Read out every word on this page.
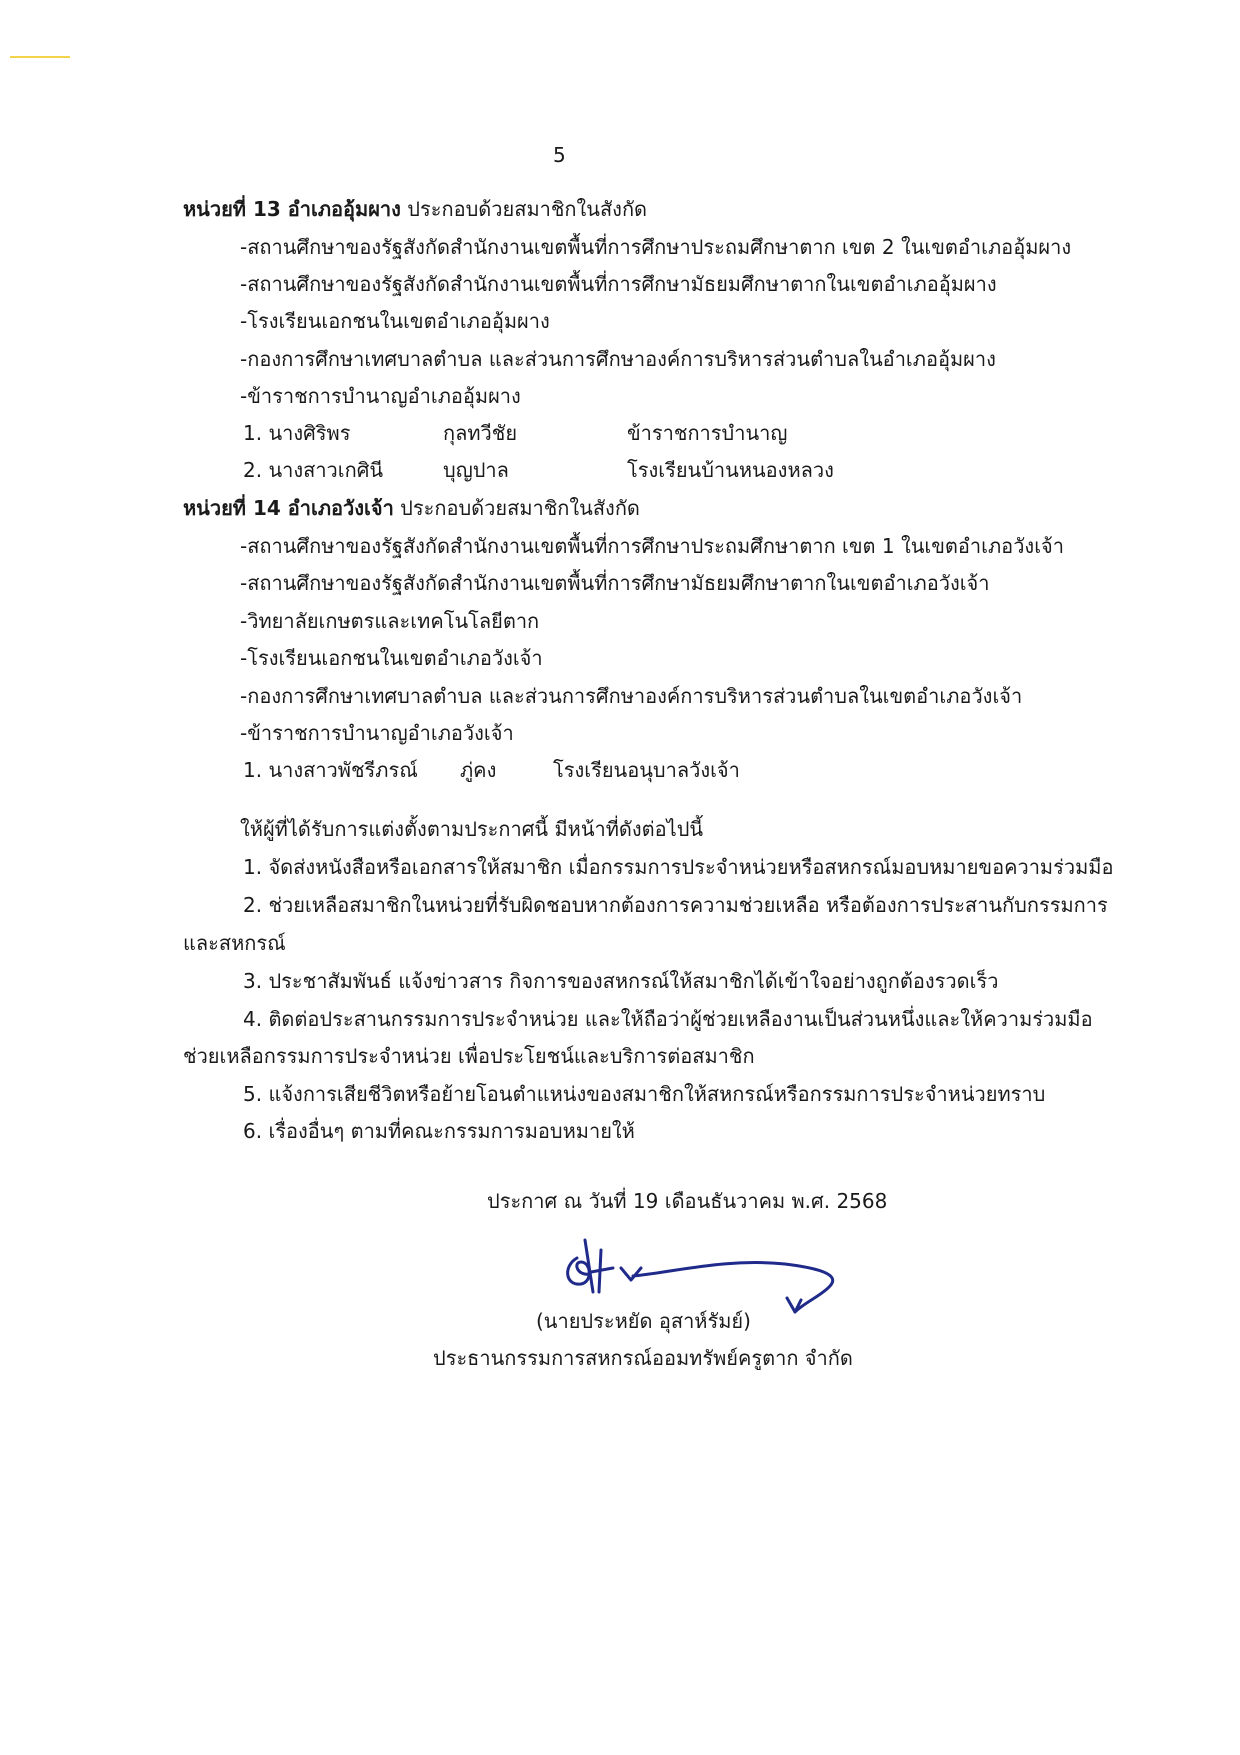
5
หน่วยที่ 13 อำเภออุ้มผาง ประกอบด้วยสมาชิกในสังกัด
-สถานศึกษาของรัฐสังกัดสำนักงานเขตพื้นที่การศึกษาประถมศึกษาตาก เขต 2 ในเขตอำเภออุ้มผาง
-สถานศึกษาของรัฐสังกัดสำนักงานเขตพื้นที่การศึกษามัธยมศึกษาตากในเขตอำเภออุ้มผาง
-โรงเรียนเอกชนในเขตอำเภออุ้มผาง
-กองการศึกษาเทศบาลตำบล และส่วนการศึกษาองค์การบริหารส่วนตำบลในอำเภออุ้มผาง
-ข้าราชการบำนาญอำเภออุ้มผาง
1. นางศิริพร	กุลทวีชัย	ข้าราชการบำนาญ
2. นางสาวเกศินี	บุญปาล	โรงเรียนบ้านหนองหลวง
หน่วยที่ 14 อำเภอวังเจ้า ประกอบด้วยสมาชิกในสังกัด
-สถานศึกษาของรัฐสังกัดสำนักงานเขตพื้นที่การศึกษาประถมศึกษาตาก เขต 1 ในเขตอำเภอวังเจ้า
-สถานศึกษาของรัฐสังกัดสำนักงานเขตพื้นที่การศึกษามัธยมศึกษาตากในเขตอำเภอวังเจ้า
-วิทยาลัยเกษตรและเทคโนโลยีตาก
-โรงเรียนเอกชนในเขตอำเภอวังเจ้า
-กองการศึกษาเทศบาลตำบล และส่วนการศึกษาองค์การบริหารส่วนตำบลในเขตอำเภอวังเจ้า
-ข้าราชการบำนาญอำเภอวังเจ้า
1. นางสาวพัชรีภรณ์ ภู่คง	โรงเรียนอนุบาลวังเจ้า
ให้ผู้ที่ได้รับการแต่งตั้งตามประกาศนี้ มีหน้าที่ดังต่อไปนี้
1. จัดส่งหนังสือหรือเอกสารให้สมาชิก เมื่อกรรมการประจำหน่วยหรือสหกรณ์มอบหมายขอความร่วมมือ
2. ช่วยเหลือสมาชิกในหน่วยที่รับผิดชอบหากต้องการความช่วยเหลือ หรือต้องการประสานกับกรรมการ
และสหกรณ์
3. ประชาสัมพันธ์ แจ้งข่าวสาร กิจการของสหกรณ์ให้สมาชิกได้เข้าใจอย่างถูกต้องรวดเร็ว
4. ติดต่อประสานกรรมการประจำหน่วย และให้ถือว่าผู้ช่วยเหลืองานเป็นส่วนหนึ่งและให้ความร่วมมือ
ช่วยเหลือกรรมการประจำหน่วย เพื่อประโยชน์และบริการต่อสมาชิก
5. แจ้งการเสียชีวิตหรือย้ายโอนตำแหน่งของสมาชิกให้สหกรณ์หรือกรรมการประจำหน่วยทราบ
6. เรื่องอื่นๆ ตามที่คณะกรรมการมอบหมายให้
ประกาศ ณ วันที่ 19 เดือนธันวาคม พ.ศ. 2568
(นายประหยัด อุสาห์รัมย์)
ประธานกรรมการสหกรณ์ออมทรัพย์ครูตาก จำกัด
